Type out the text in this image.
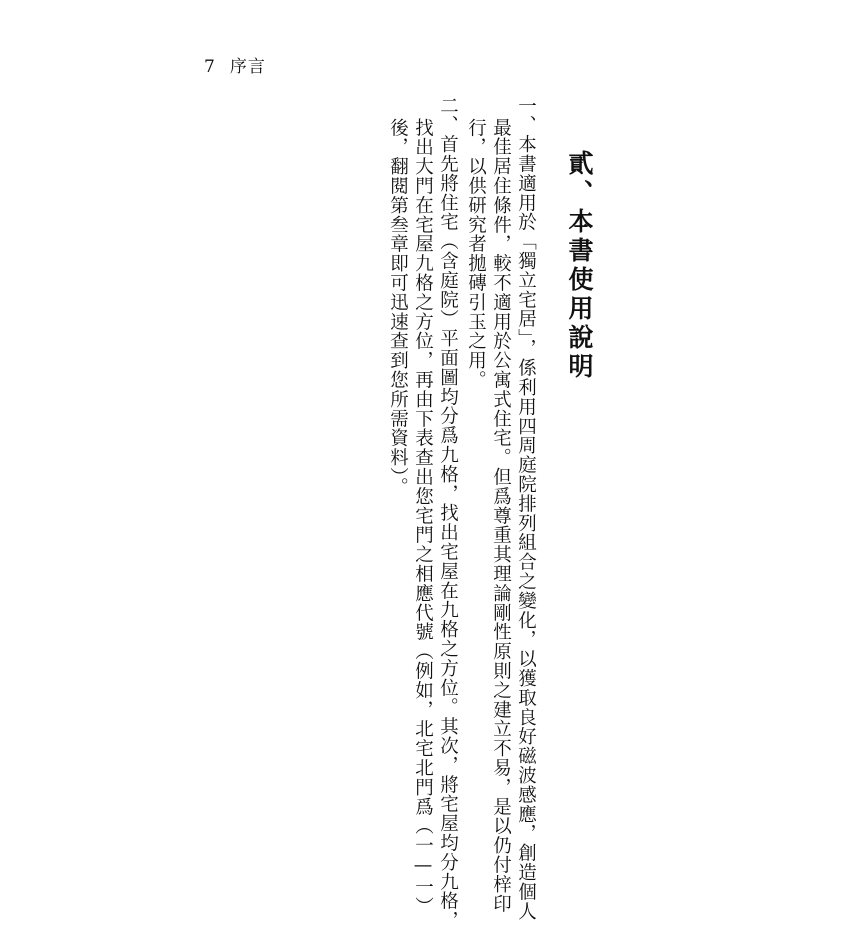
7 序言
貳、本書使用說明
一、本書適用於「獨立宅居」，係利用四周庭院排列組合之變化，以獲取良好磁波感應，創造個人
最佳居住條件，較不適用於公寓式住宅。但爲尊重其理論剛性原則之建立不易，是以仍付梓印
行，以供研究者拋磚引玉之用。
二、首先將住宅（含庭院）平面圖均分爲九格，找出宅屋在九格之方位。其次，將宅屋均分九格，
找出大門在宅屋九格之方位，再由下表查出您宅門之相應代號（例如，北宅北門爲（一—一）
後，翻閱第叁章即可迅速查到您所需資料）。
